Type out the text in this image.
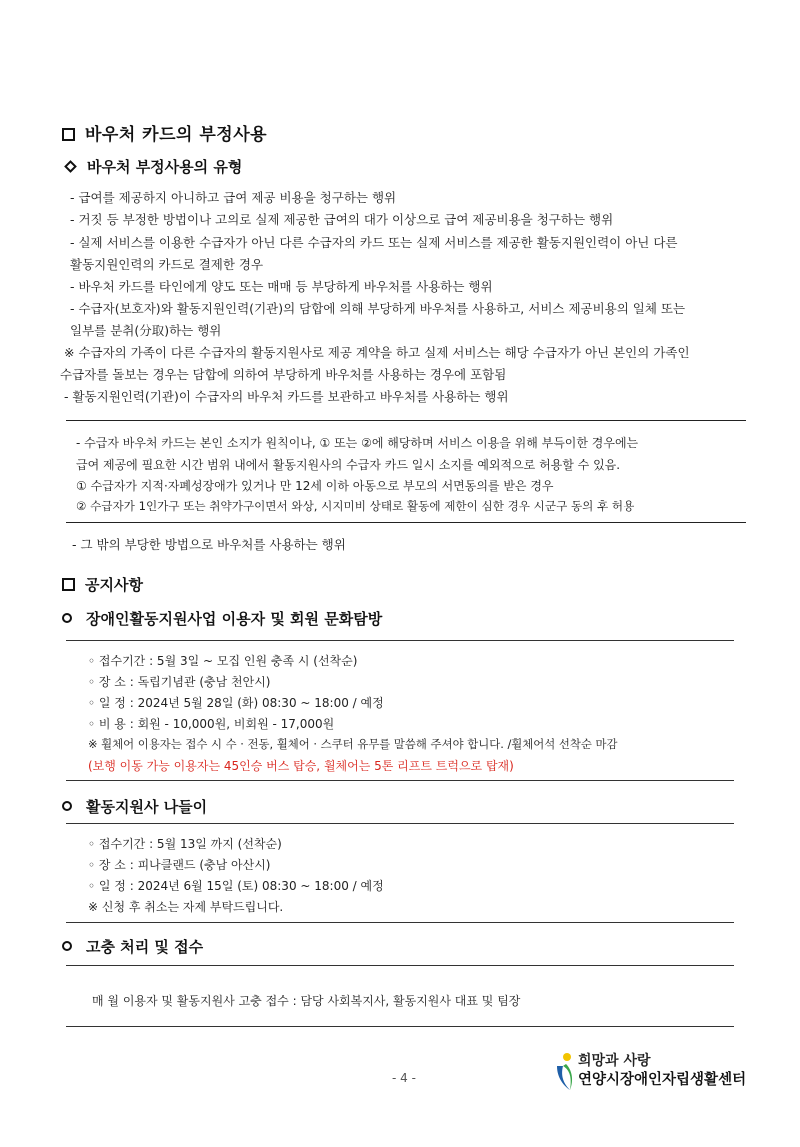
바우처 카드의 부정사용
바우처 부정사용의 유형
- 급여를 제공하지 아니하고 급여 제공 비용을 청구하는 행위
- 거짓 등 부정한 방법이나 고의로 실제 제공한 급여의 대가 이상으로 급여 제공비용을 청구하는 행위
- 실제 서비스를 이용한 수급자가 아닌 다른 수급자의 카드 또는 실제 서비스를 제공한 활동지원인력이 아닌 다른
활동지원인력의 카드로 결제한 경우
- 바우처 카드를 타인에게 양도 또는 매매 등 부당하게 바우처를 사용하는 행위
- 수급자(보호자)와 활동지원인력(기관)의 담합에 의해 부당하게 바우처를 사용하고, 서비스 제공비용의 일체 또는
일부를 분취(分取)하는 행위
※ 수급자의 가족이 다른 수급자의 활동지원사로 제공 계약을 하고 실제 서비스는 해당 수급자가 아닌 본인의 가족인
수급자를 돌보는 경우는 담합에 의하여 부당하게 바우처를 사용하는 경우에 포함됨
- 활동지원인력(기관)이 수급자의 바우처 카드를 보관하고 바우처를 사용하는 행위
- 수급자 바우처 카드는 본인 소지가 원칙이나, ① 또는 ②에 해당하며 서비스 이용을 위해 부득이한 경우에는
급여 제공에 필요한 시간 범위 내에서 활동지원사의 수급자 카드 일시 소지를 예외적으로 허용할 수 있음.
① 수급자가 지적·자폐성장애가 있거나 만 12세 이하 아동으로 부모의 서면동의를 받은 경우
② 수급자가 1인가구 또는 취약가구이면서 와상, 시지미비 상태로 활동에 제한이 심한 경우 시군구 동의 후 허용
- 그 밖의 부당한 방법으로 바우처를 사용하는 행위
공지사항
장애인활동지원사업 이용자 및 회원 문화탐방
◦ 접수기간 : 5월 3일 ~ 모집 인원 충족 시 (선착순)
◦ 장 소 : 독립기념관 (충남 천안시)
◦ 일 정 : 2024년 5월 28일 (화) 08:30 ~ 18:00 / 예정
◦ 비 용 : 회원 - 10,000원, 비회원 - 17,000원
※ 휠체어 이용자는 접수 시 수 · 전동, 휠체어 · 스쿠터 유무를 말씀해 주셔야 합니다. /휠체어석 선착순 마감
(보행 이동 가능 이용자는 45인승 버스 탑승, 휠체어는 5톤 리프트 트럭으로 탑재)
활동지원사 나들이
◦ 접수기간 : 5월 13일 까지 (선착순)
◦ 장 소 : 피나클랜드 (충남 아산시)
◦ 일 정 : 2024년 6월 15일 (토) 08:30 ~ 18:00 / 예정
※ 신청 후 취소는 자제 부탁드립니다.
고충 처리 및 접수
매 월 이용자 및 활동지원사 고충 접수 : 담당 사회복지사, 활동지원사 대표 및 팀장
- 4 -
희망과 사랑
연양시장애인자립생활센터
